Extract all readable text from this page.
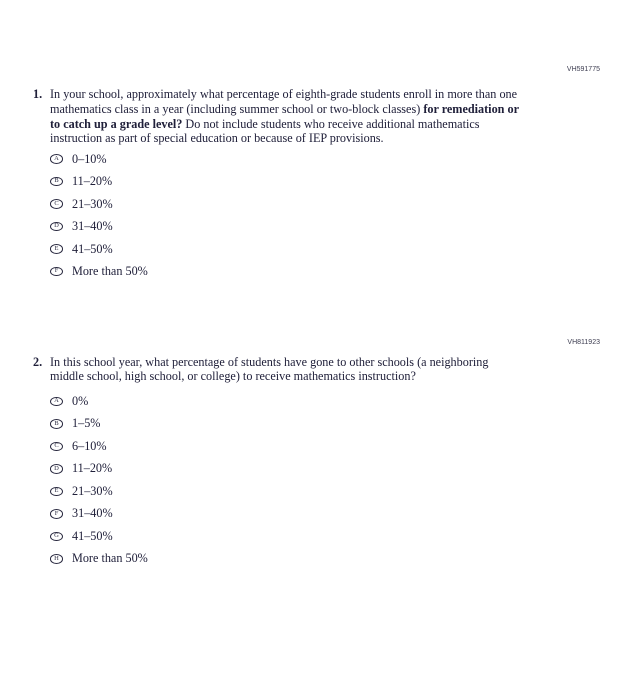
VH591775
1. In your school, approximately what percentage of eighth-grade students enroll in more than one mathematics class in a year (including summer school or two-block classes) for remediation or to catch up a grade level? Do not include students who receive additional mathematics instruction as part of special education or because of IEP provisions.
A	0–10%
B	11–20%
C	21–30%
D	31–40%
E	41–50%
F	More than 50%
VH811923
2. In this school year, what percentage of students have gone to other schools (a neighboring middle school, high school, or college) to receive mathematics instruction?
A	0%
B	1–5%
C	6–10%
D	11–20%
E	21–30%
F	31–40%
G	41–50%
H	More than 50%
